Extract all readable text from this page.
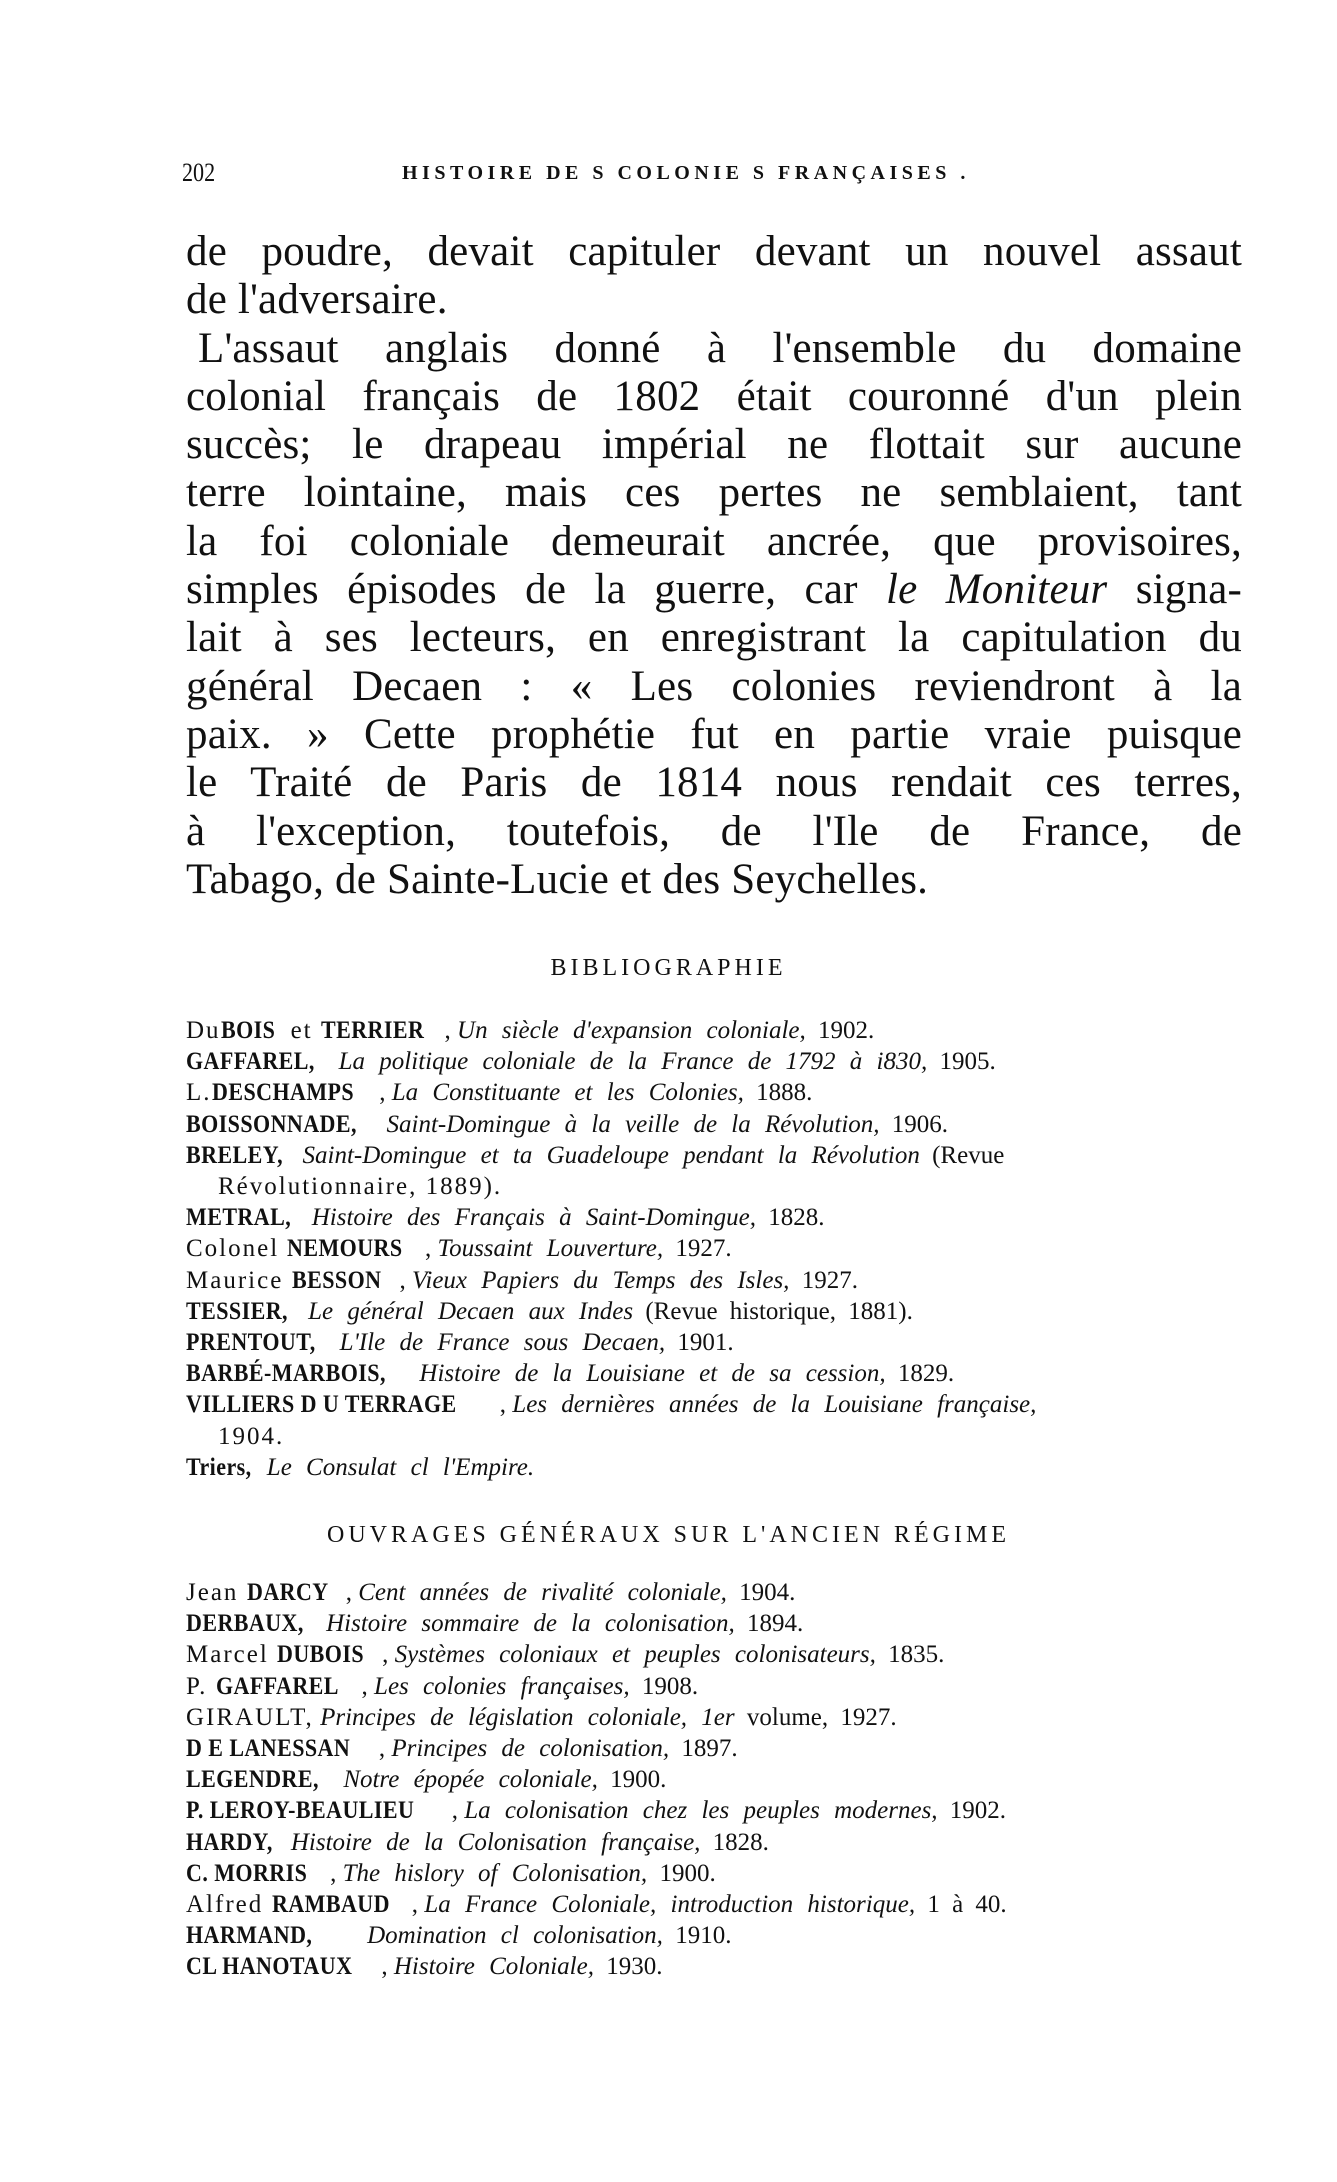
202	HISTOIRE DE S COLONIE S FRANÇAISES .
de poudre, devait capituler devant un nouvel assaut
de l'adversaire.
L'assaut anglais donné à l'ensemble du domaine
colonial français de 1802 était couronné d'un plein
succès; le drapeau impérial ne flottait sur aucune
terre lointaine, mais ces pertes ne semblaient, tant
la foi coloniale demeurait ancrée, que provisoires,
simples épisodes de la guerre, car le Moniteur signa-
lait à ses lecteurs, en enregistrant la capitulation du
général Decaen : « Les colonies reviendront à la
paix. » Cette prophétie fut en partie vraie puisque
le Traité de Paris de 1814 nous rendait ces terres,
à l'exception, toutefois, de l'Ile de France, de
Tabago, de Sainte-Lucie et des Seychelles.
BIBLIOGRAPHIE
DuBOIS et TERRIER , Un siècle d'expansion coloniale, 1902.
GAFFAREL, La politique coloniale de la France de 1792 à i830, 1905.
L.DESCHAMPS , La Constituante et les Colonies, 1888.
BOISSONNADE, Saint-Domingue à la veille de la Révolution, 1906.
BRELEY, Saint-Domingue et ta Guadeloupe pendant la Révolution (Revue
Révolutionnaire, 1889).
METRAL, Histoire des Français à Saint-Domingue, 1828.
Colonel NEMOURS , Toussaint Louverture, 1927.
Maurice BESSON , Vieux Papiers du Temps des Isles, 1927.
TESSIER, Le général Decaen aux Indes (Revue historique, 1881).
PRENTOUT, L'Ile de France sous Decaen, 1901.
BARBÉ-MARBOIS, Histoire de la Louisiane et de sa cession, 1829.
VILLIERS D U TERRAGE , Les dernières années de la Louisiane française,
1904.
Triers, Le Consulat cl l'Empire.
OUVRAGES GÉNÉRAUX SUR L'ANCIEN RÉGIME
Jean DARCY , Cent années de rivalité coloniale, 1904.
DERBAUX, Histoire sommaire de la colonisation, 1894.
Marcel DUBOIS , Systèmes coloniaux et peuples colonisateurs, 1835.
P. GAFFAREL , Les colonies françaises, 1908.
GIRAULT, Principes de législation coloniale, 1er volume, 1927.
D E LANESSAN , Principes de colonisation, 1897.
LEGENDRE, Notre épopée coloniale, 1900.
P. LEROY-BEAULIEU , La colonisation chez les peuples modernes, 1902.
HARDY, Histoire de la Colonisation française, 1828.
C. MORRIS , The hislory of Colonisation, 1900.
Alfred RAMBAUD , La France Coloniale, introduction historique, 1 à 40.
HARMAND, Domination cl colonisation, 1910.
CL HANOTAUX , Histoire Coloniale, 1930.
